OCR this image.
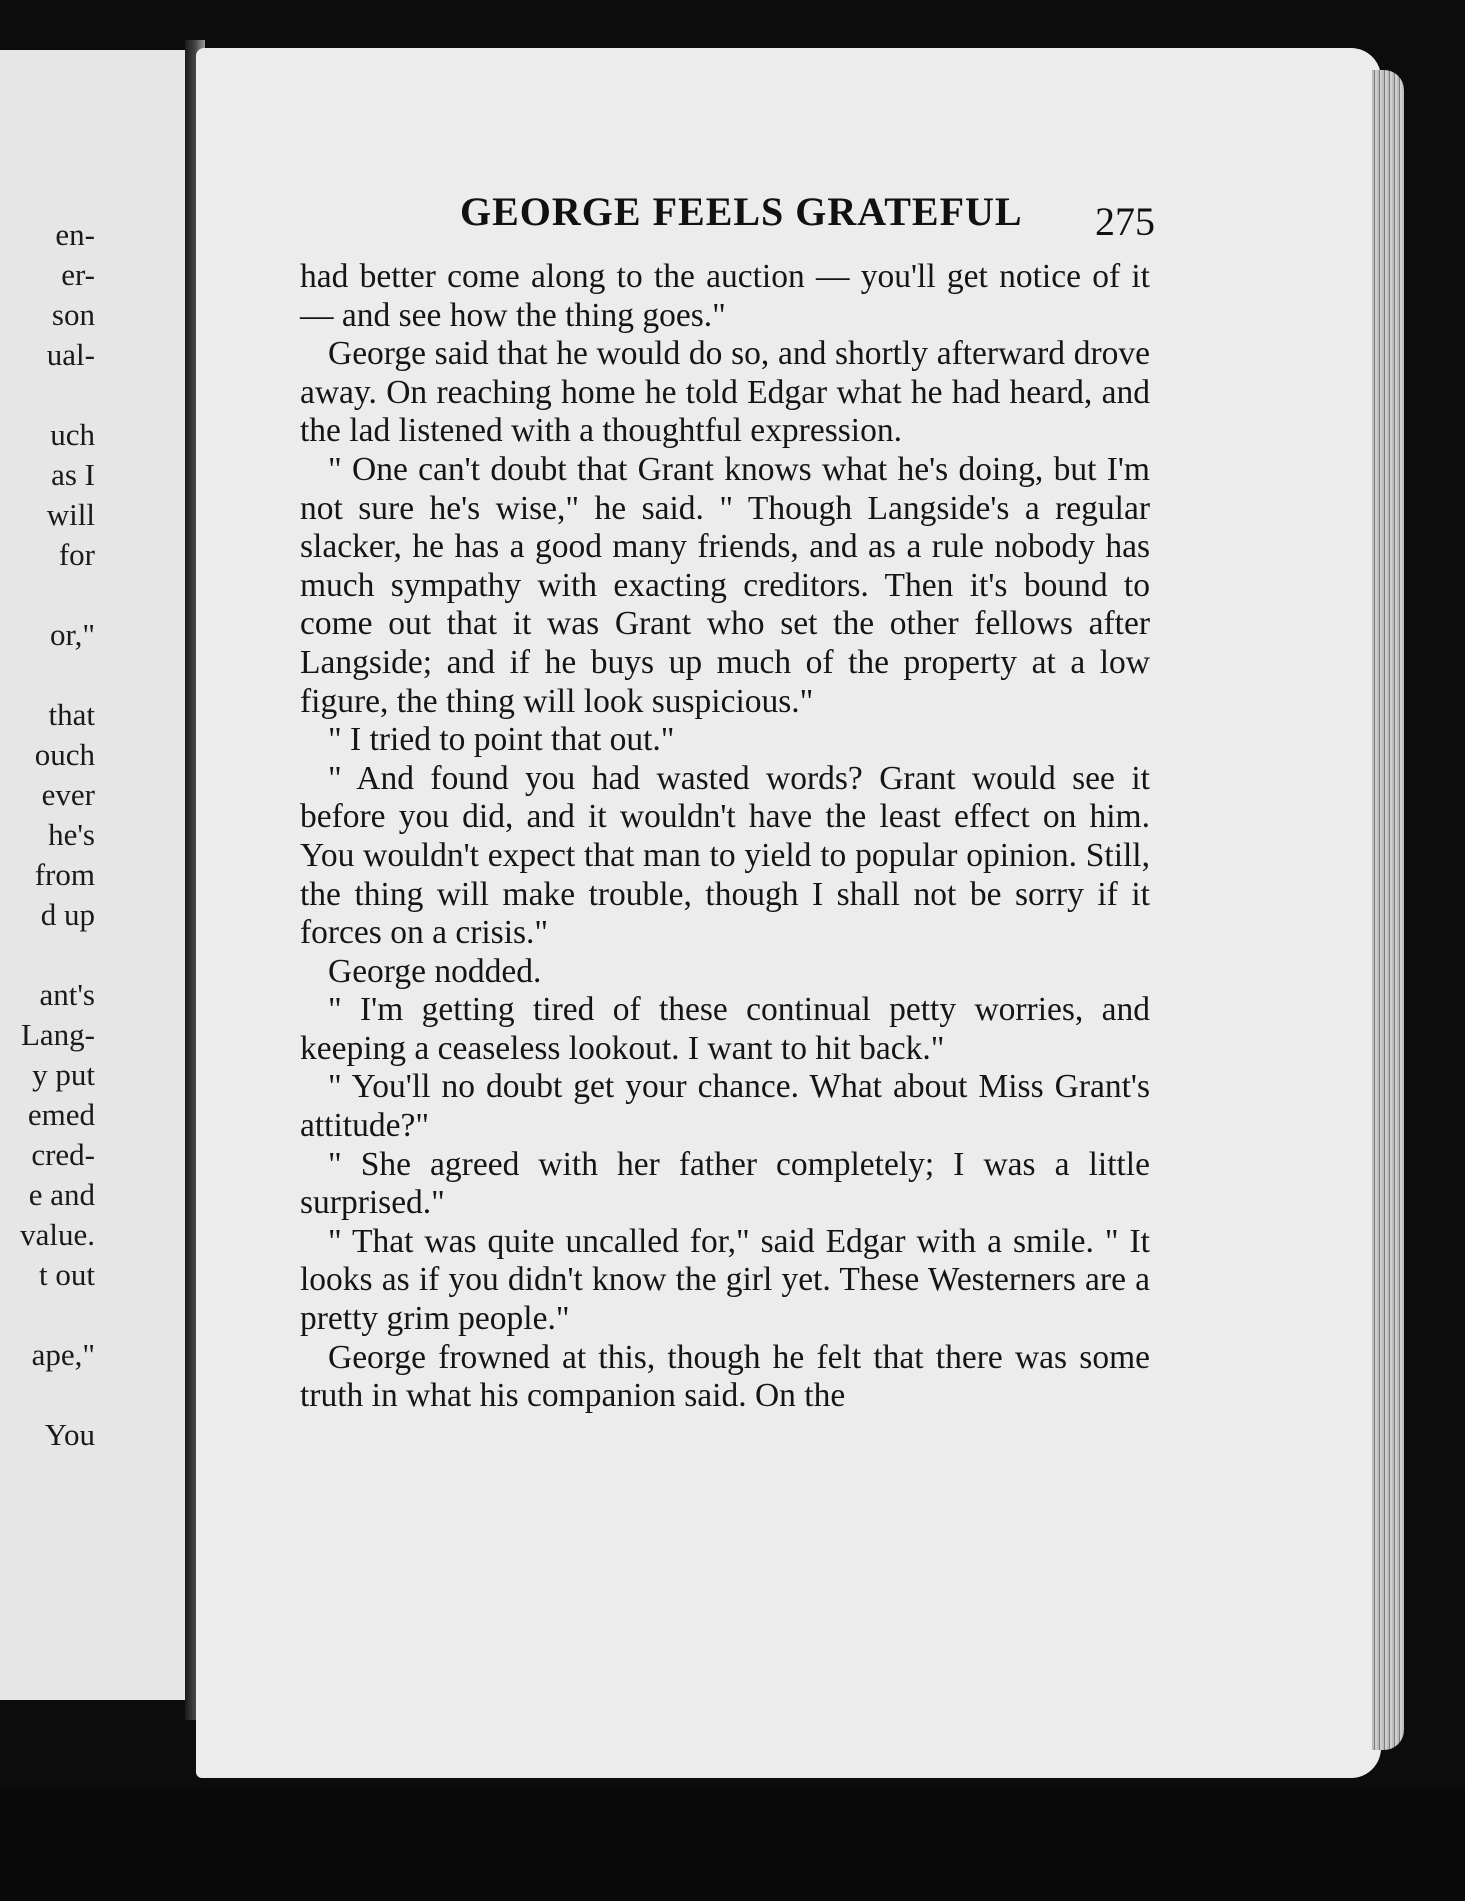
en-
er-
son
ual-
uch
as I
will
for
or,"
that
ouch
ever
he's
from
d up
ant's
Lang-
y put
emed
cred-
e and
value.
t out
ape,"
You
GEORGE FEELS GRATEFUL 275

had better come along to the auction — you'll get notice of it — and see how the thing goes."

George said that he would do so, and shortly afterward drove away. On reaching home he told Edgar what he had heard, and the lad listened with a thoughtful expression.

" One can't doubt that Grant knows what he's doing, but I'm not sure he's wise," he said. " Though Langside's a regular slacker, he has a good many friends, and as a rule nobody has much sympathy with exacting creditors. Then it's bound to come out that it was Grant who set the other fellows after Langside; and if he buys up much of the property at a low figure, the thing will look suspicious."

" I tried to point that out."

" And found you had wasted words? Grant would see it before you did, and it wouldn't have the least effect on him. You wouldn't expect that man to yield to popular opinion. Still, the thing will make trouble, though I shall not be sorry if it forces on a crisis."

George nodded.

" I'm getting tired of these continual petty worries, and keeping a ceaseless lookout. I want to hit back."

" You'll no doubt get your chance. What about Miss Grant's attitude?"

" She agreed with her father completely; I was a little surprised."

" That was quite uncalled for," said Edgar with a smile. " It looks as if you didn't know the girl yet. These Westerners are a pretty grim people."

George frowned at this, though he felt that there was some truth in what his companion said. On the
